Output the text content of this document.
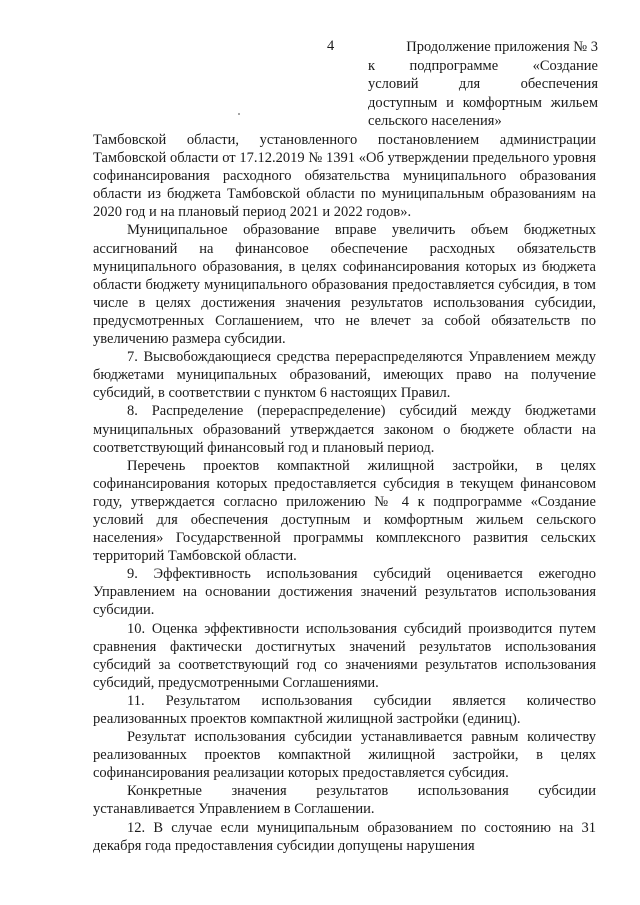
4	Продолжение приложения № 3
к подпрограмме «Создание
условий для обеспечения
доступным и комфортным жильем
сельского населения»

Тамбовской области, установленного постановлением администрации Тамбовской области от 17.12.2019 № 1391 «Об утверждении предельного уровня софинансирования расходного обязательства муниципального образования области из бюджета Тамбовской области по муниципальным образованиям на 2020 год и на плановый период 2021 и 2022 годов».

Муниципальное образование вправе увеличить объем бюджетных ассигнований на финансовое обеспечение расходных обязательств муниципального образования, в целях софинансирования которых из бюджета области бюджету муниципального образования предоставляется субсидия, в том числе в целях достижения значения результатов использования субсидии, предусмотренных Соглашением, что не влечет за собой обязательств по увеличению размера субсидии.

7. Высвобождающиеся средства перераспределяются Управлением между бюджетами муниципальных образований, имеющих право на получение субсидий, в соответствии с пунктом 6 настоящих Правил.

8. Распределение (перераспределение) субсидий между бюджетами муниципальных образований утверждается законом о бюджете области на соответствующий финансовый год и плановый период.

Перечень проектов компактной жилищной застройки, в целях софинансирования которых предоставляется субсидия в текущем финансовом году, утверждается согласно приложению № 4 к подпрограмме «Создание условий для обеспечения доступным и комфортным жильем сельского населения» Государственной программы комплексного развития сельских территорий Тамбовской области.

9. Эффективность использования субсидий оценивается ежегодно Управлением на основании достижения значений результатов использования субсидии.

10. Оценка эффективности использования субсидий производится путем сравнения фактически достигнутых значений результатов использования субсидий за соответствующий год со значениями результатов использования субсидий, предусмотренными Соглашениями.

11. Результатом использования субсидии является количество реализованных проектов компактной жилищной застройки (единиц).

Результат использования субсидии устанавливается равным количеству реализованных проектов компактной жилищной застройки, в целях софинансирования реализации которых предоставляется субсидия.

Конкретные значения результатов использования субсидии устанавливается Управлением в Соглашении.

12. В случае если муниципальным образованием по состоянию на 31 декабря года предоставления субсидии допущены нарушения
